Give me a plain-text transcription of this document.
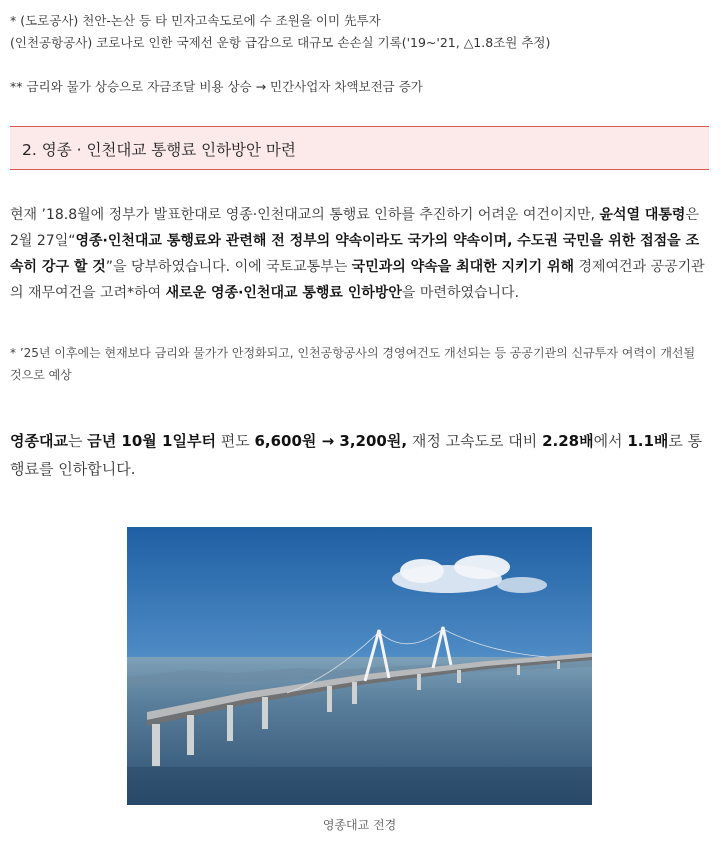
* (도로공사) 천안-논산 등 타 민자고속도로에 수 조원을 이미 先투자

(인천공항공사) 코로나로 인한 국제선 운항 급감으로 대규모 손손실 기록('19~'21, △1.8조원 추정)

** 금리와 물가 상승으로 자금조달 비용 상승 → 민간사업자 차액보전금 증가

2. 영종 · 인천대교 통행료 인하방안 마련
현재 ’18.8월에 정부가 발표한대로 영종·인천대교의 통행료 인하를 추진하기 어려운 여건이지만, 윤석열 대통령은 2월 27일“영종·인천대교 통행료와 관련해 전 정부의 약속이라도 국가의 약속이며, 수도권 국민을 위한 접점을 조속히 강구 할 것”을 당부하였습니다. 이에 국토교통부는 국민과의 약속을 최대한 지키기 위해 경제여건과 공공기관의 재무여건을 고려*하여 새로운 영종·인천대교 통행료 인하방안을 마련하였습니다.
* ’25년 이후에는 현재보다 금리와 물가가 안정화되고, 인천공항공사의 경영여건도 개선되는 등 공공기관의 신규투자 여력이 개선될 것으로 예상
영종대교는 금년 10월 1일부터 편도 6,600원 → 3,200원, 재정 고속도로 대비 2.28배에서 1.1배로 통행료를 인하합니다.
영종대교 전경
